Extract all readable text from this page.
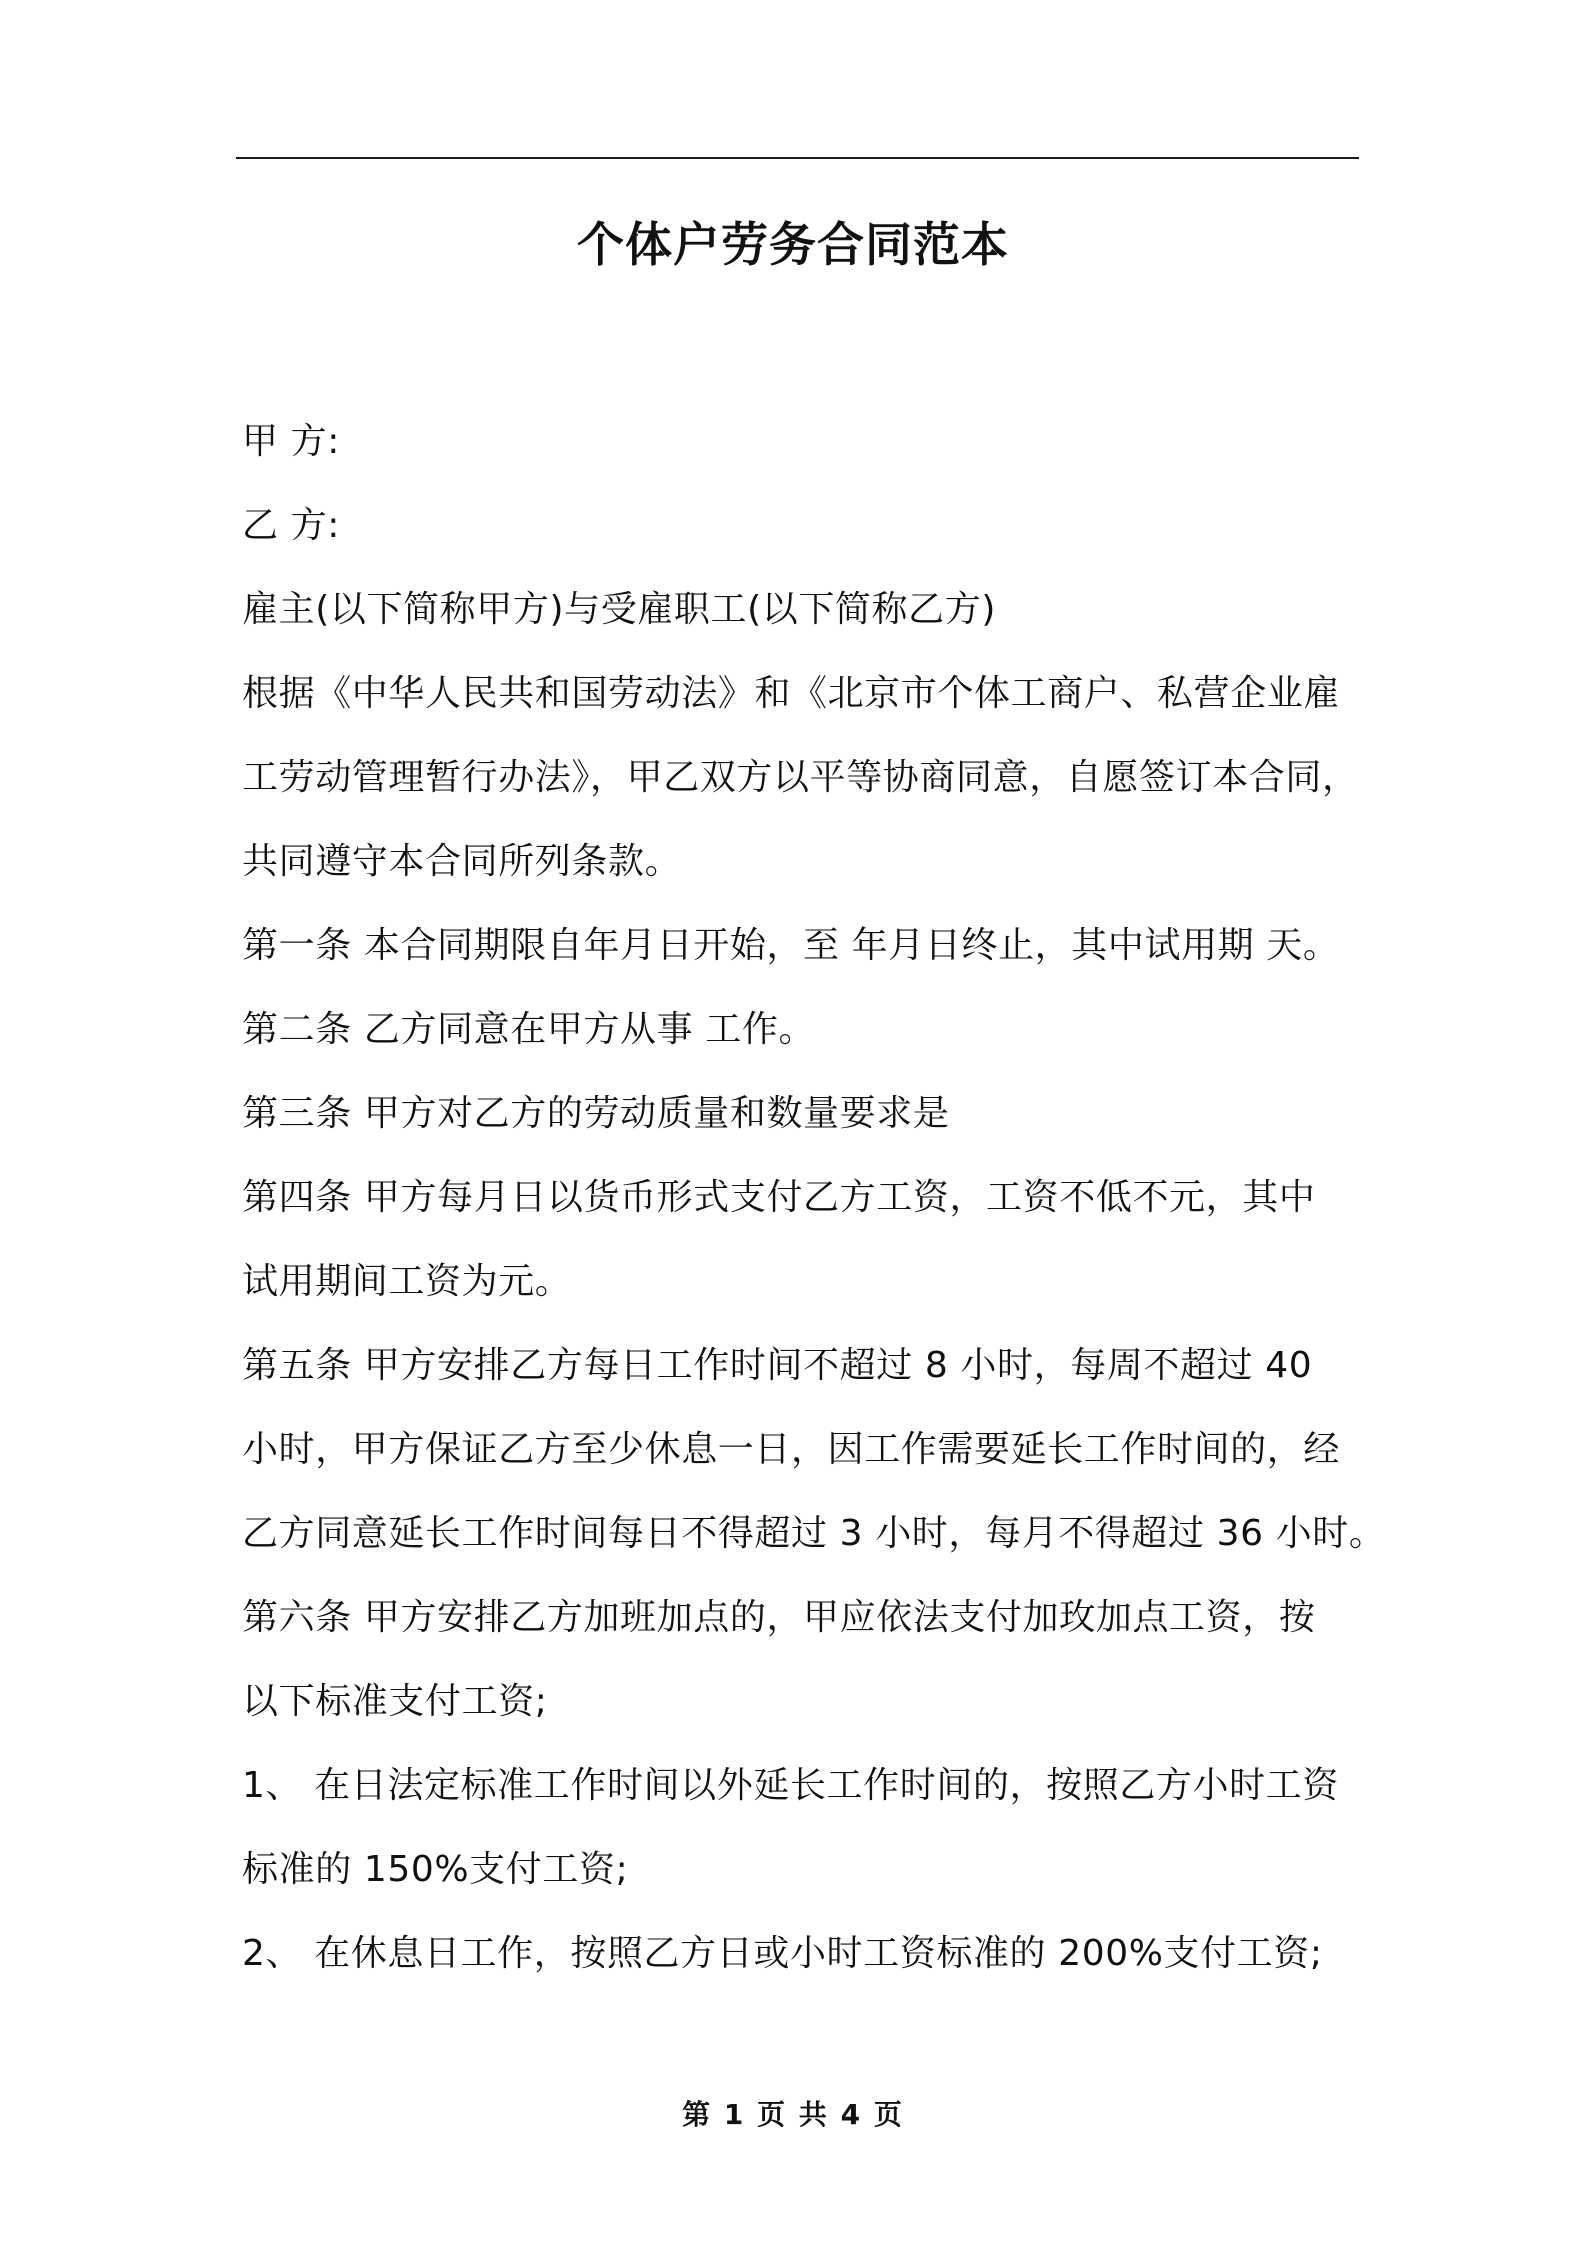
个体户劳务合同范本
甲 方:
乙 方:
雇主(以下简称甲方)与受雇职工(以下简称乙方)
根据《中华人民共和国劳动法》和《北京市个体工商户、私营企业雇
工劳动管理暂行办法》，甲乙双方以平等协商同意，自愿签订本合同，
共同遵守本合同所列条款。
第一条 本合同期限自年月日开始，至 年月日终止，其中试用期 天。
第二条 乙方同意在甲方从事 工作。
第三条 甲方对乙方的劳动质量和数量要求是
第四条 甲方每月日以货币形式支付乙方工资，工资不低不元，其中
试用期间工资为元。
第五条 甲方安排乙方每日工作时间不超过 8 小时，每周不超过 40
小时，甲方保证乙方至少休息一日，因工作需要延长工作时间的，经
乙方同意延长工作时间每日不得超过 3 小时，每月不得超过 36 小时。
第六条 甲方安排乙方加班加点的，甲应依法支付加玫加点工资，按
以下标准支付工资;
1、 在日法定标准工作时间以外延长工作时间的，按照乙方小时工资
标准的 150%支付工资;
2、 在休息日工作，按照乙方日或小时工资标准的 200%支付工资;
第 1 页 共 4 页
